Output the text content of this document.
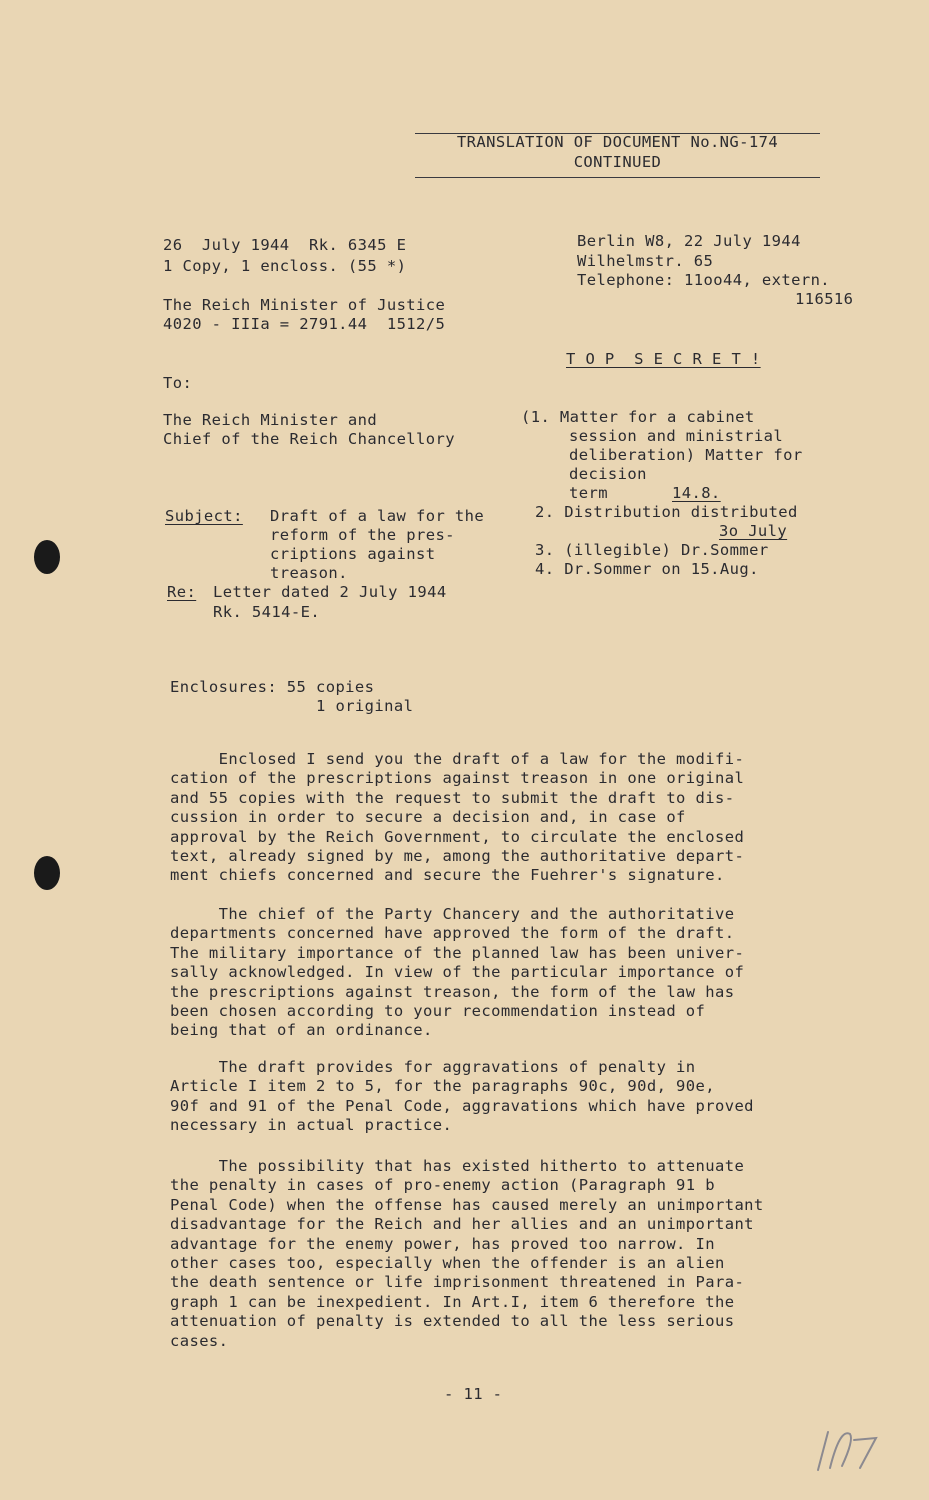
TRANSLATION OF DOCUMENT No.NG-174
CONTINUED
26  July 1944  Rk. 6345 E
1 Copy, 1 encloss. (55 *)
The Reich Minister of Justice
4020 - IIIa = 2791.44  1512/5
Berlin W8, 22 July 1944
Wilhelmstr. 65
Telephone: 11oo44, extern.
116516
T O P  S E C R E T !
To:
The Reich Minister and
Chief of the Reich Chancellory
(1. Matter for a cabinet
session and ministrial
deliberation) Matter for
decision
term	14.8.
2. Distribution distributed
3o July
3. (illegible) Dr.Sommer
4. Dr.Sommer on 15.Aug.
Subject: Draft of a law for the
reform of the pres-
criptions against
treason.
Re: Letter dated 2 July 1944
Rk. 5414-E.
Enclosures: 55 copies
1 original
Enclosed I send you the draft of a law for the modifi-
cation of the prescriptions against treason in one original
and 55 copies with the request to submit the draft to dis-
cussion in order to secure a decision and, in case of
approval by the Reich Government, to circulate the enclosed
text, already signed by me, among the authoritative depart-
ment chiefs concerned and secure the Fuehrer's signature.
The chief of the Party Chancery and the authoritative
departments concerned have approved the form of the draft.
The military importance of the planned law has been univer-
sally acknowledged. In view of the particular importance of
the prescriptions against treason, the form of the law has
been chosen according to your recommendation instead of
being that of an ordinance.
The draft provides for aggravations of penalty in
Article I item 2 to 5, for the paragraphs 90c, 90d, 90e,
90f and 91 of the Penal Code, aggravations which have proved
necessary in actual practice.
The possibility that has existed hitherto to attenuate
the penalty in cases of pro-enemy action (Paragraph 91 b
Penal Code) when the offense has caused merely an unimportant
disadvantage for the Reich and her allies and an unimportant
advantage for the enemy power, has proved too narrow. In
other cases too, especially when the offender is an alien
the death sentence or life imprisonment threatened in Para-
graph 1 can be inexpedient. In Art.I, item 6 therefore the
attenuation of penalty is extended to all the less serious
cases.
- 11 -
